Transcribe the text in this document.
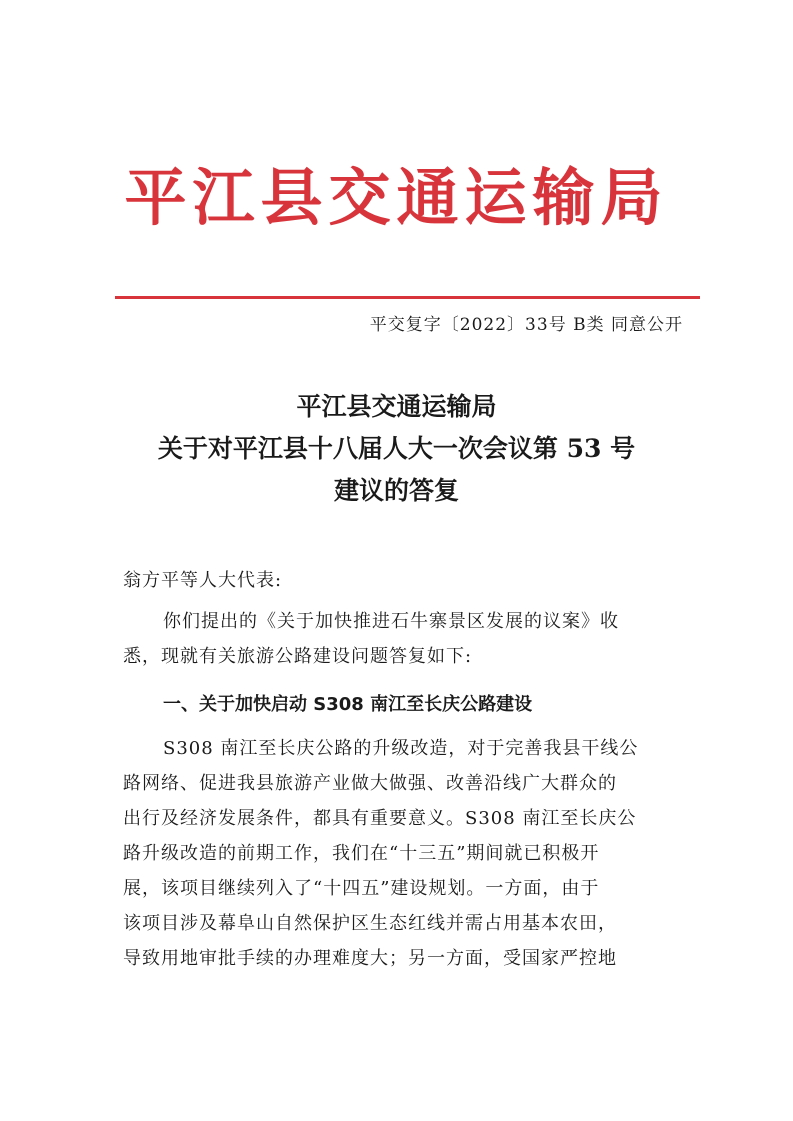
平江县交通运输局
平交复字〔2022〕33号 B类 同意公开
平江县交通运输局
关于对平江县十八届人大一次会议第 53 号
建议的答复
翁方平等人大代表:
你们提出的《关于加快推进石牛寨景区发展的议案》收
悉，现就有关旅游公路建设问题答复如下:
一、关于加快启动 S308 南江至长庆公路建设
S308 南江至长庆公路的升级改造，对于完善我县干线公
路网络、促进我县旅游产业做大做强、改善沿线广大群众的
出行及经济发展条件，都具有重要意义。S308 南江至长庆公
路升级改造的前期工作，我们在“十三五”期间就已积极开
展，该项目继续列入了“十四五”建设规划。一方面，由于
该项目涉及幕阜山自然保护区生态红线并需占用基本农田，
导致用地审批手续的办理难度大；另一方面，受国家严控地
